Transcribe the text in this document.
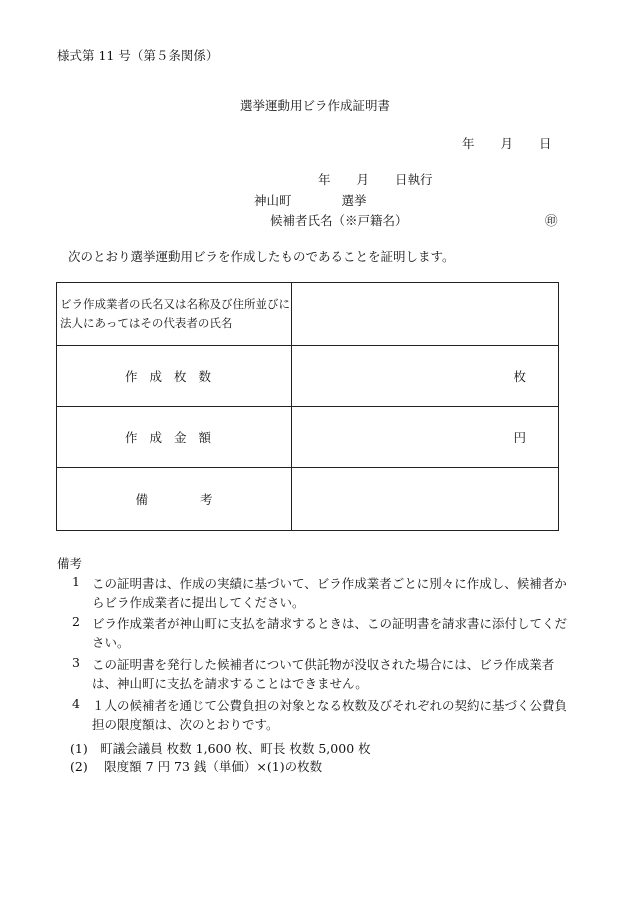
様式第 11 号（第５条関係）
選挙運動用ビラ作成証明書
年 月 日
年 月 日執行
神山町 選挙
候補者氏名（※戸籍名）	㊞
次のとおり選挙運動用ビラを作成したものであることを証明します。
ビラ作成業者の氏名又は名称及び住所並びに法人にあってはその代表者の氏名	
作成枚数	枚
作成金額	円
備 考	
備考
1 この証明書は、作成の実績に基づいて、ビラ作成業者ごとに別々に作成し、候補者からビラ作成業者に提出してください。
2 ビラ作成業者が神山町に支払を請求するときは、この証明書を請求書に添付してください。
3 この証明書を発行した候補者について供託物が没収された場合には、ビラ作成業者は、神山町に支払を請求することはできません。
4 １人の候補者を通じて公費負担の対象となる枚数及びそれぞれの契約に基づく公費負担の限度額は、次のとおりです。
(1)　町議会議員 枚数 1,600 枚、町長 枚数 5,000 枚
(2)　 限度額 7 円 73 銭（単価）×(1)の枚数
